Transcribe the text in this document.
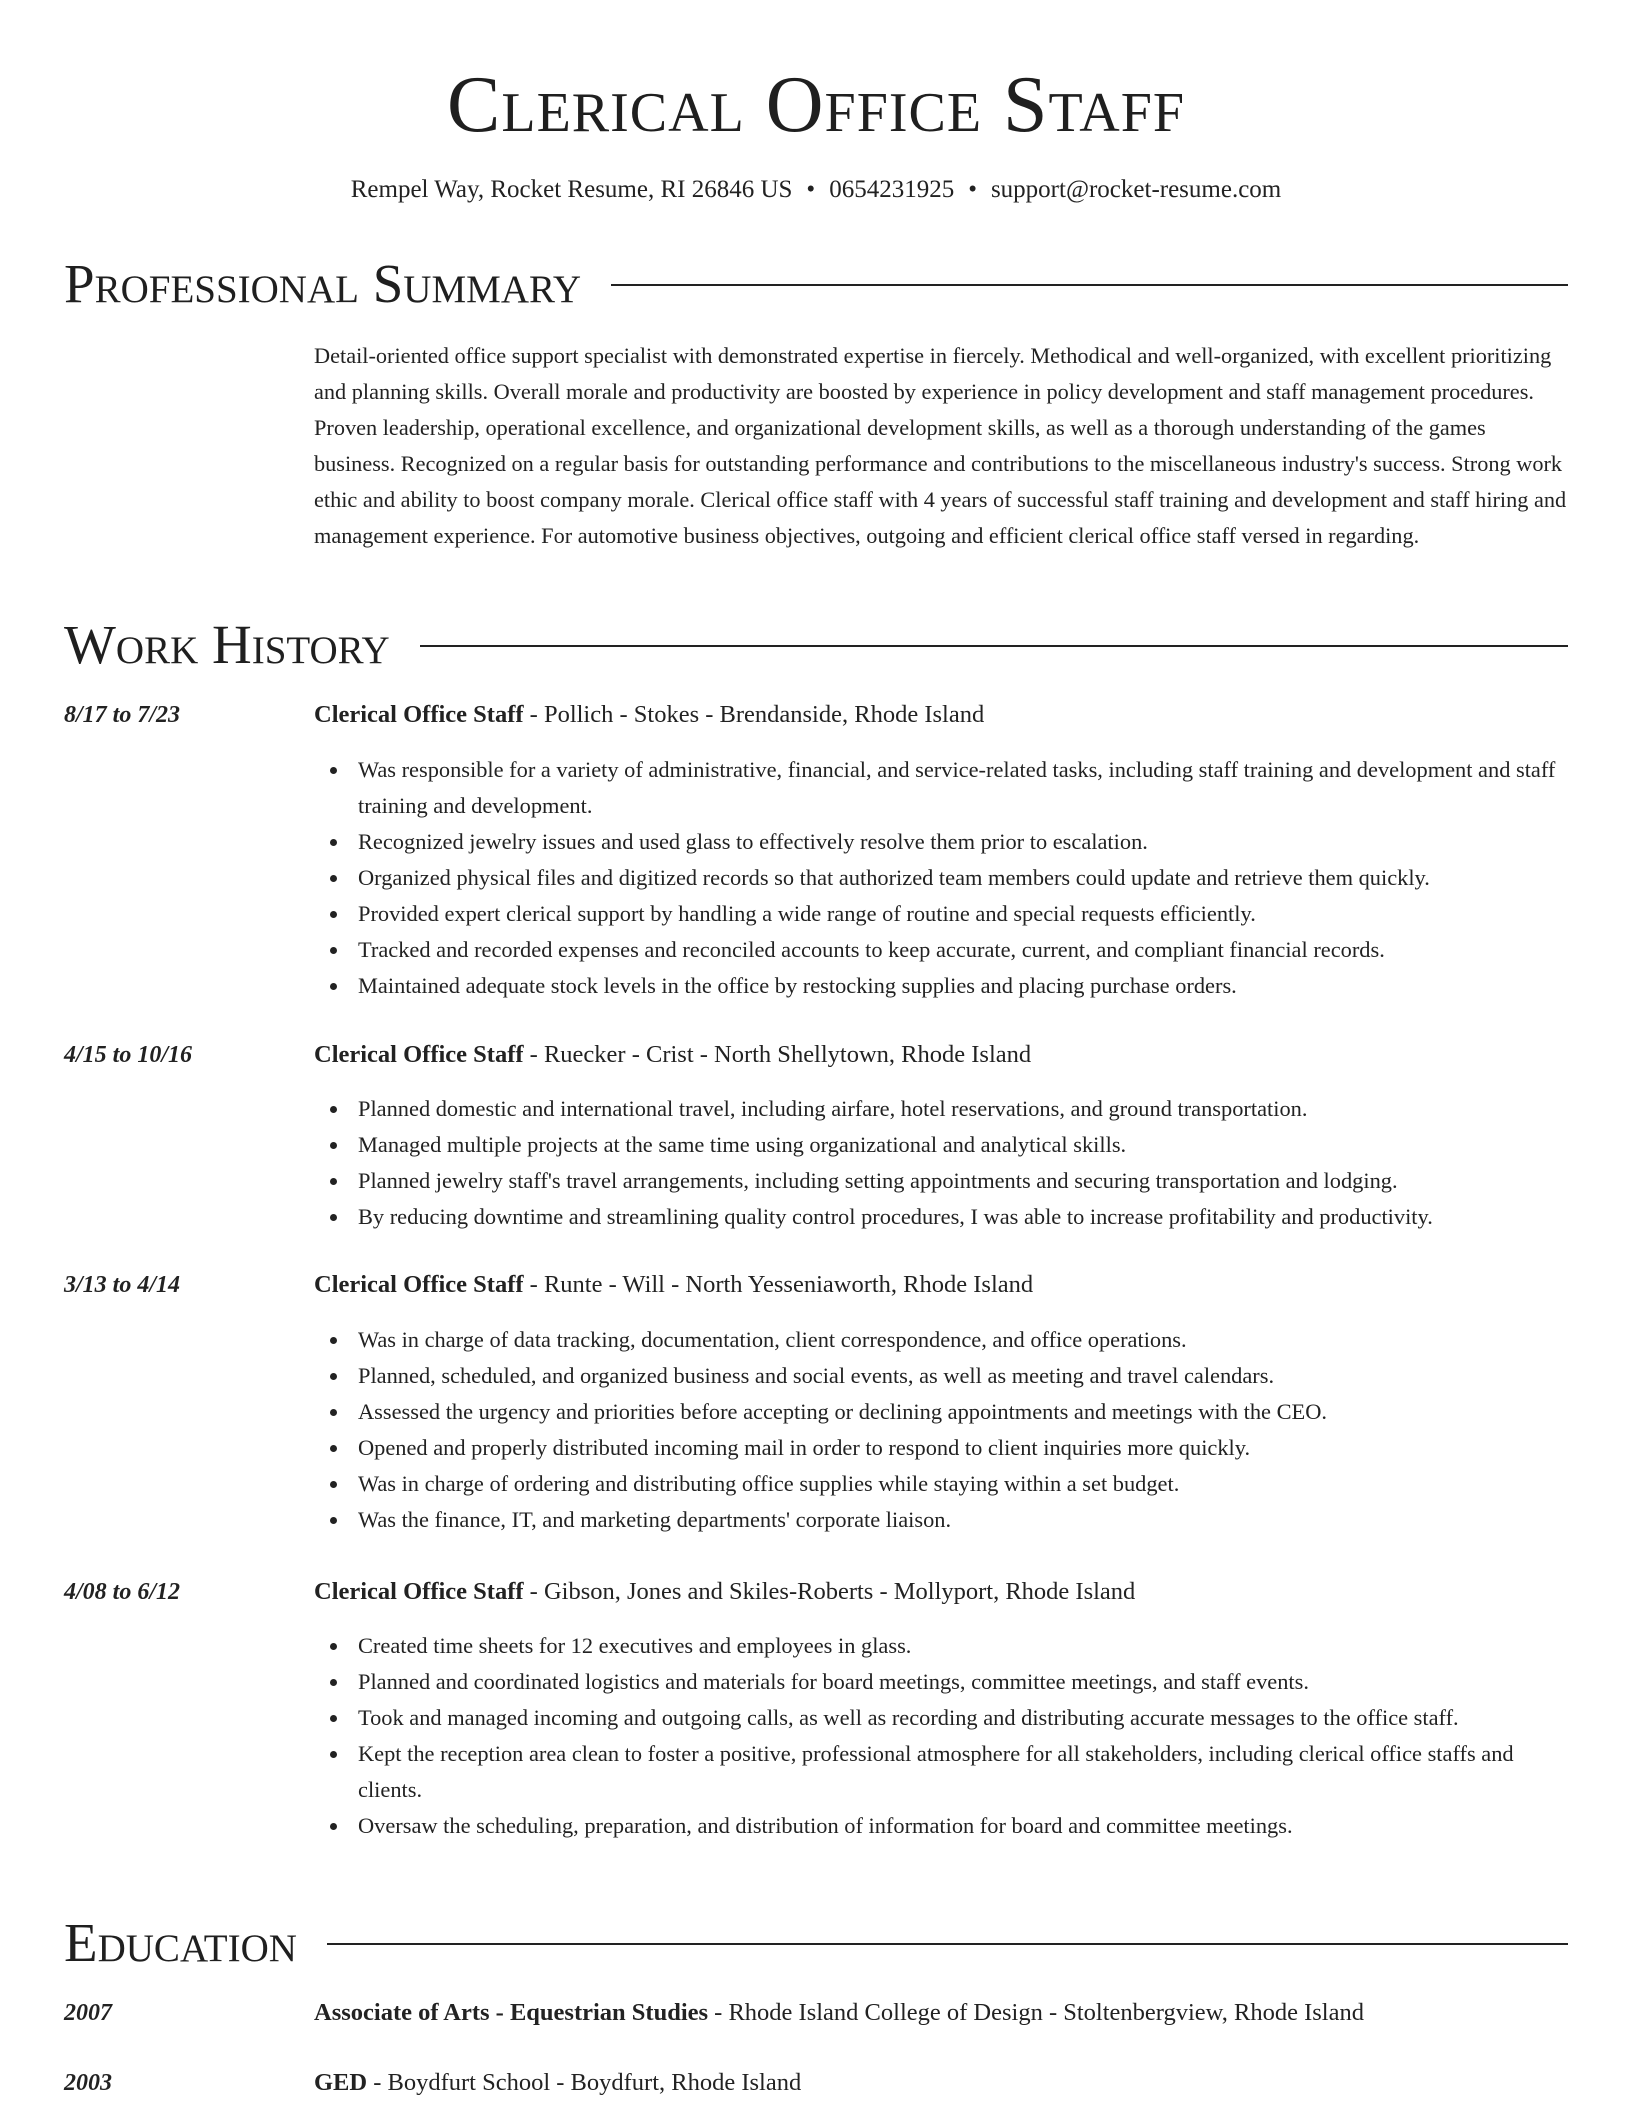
Clerical Office Staff
Rempel Way, Rocket Resume, RI 26846 US • 0654231925 • support@rocket-resume.com
Professional Summary
Detail-oriented office support specialist with demonstrated expertise in fiercely. Methodical and well-organized, with excellent prioritizing and planning skills. Overall morale and productivity are boosted by experience in policy development and staff management procedures. Proven leadership, operational excellence, and organizational development skills, as well as a thorough understanding of the games business. Recognized on a regular basis for outstanding performance and contributions to the miscellaneous industry's success. Strong work ethic and ability to boost company morale. Clerical office staff with 4 years of successful staff training and development and staff hiring and management experience. For automotive business objectives, outgoing and efficient clerical office staff versed in regarding.
Work History
8/17 to 7/23	Clerical Office Staff - Pollich - Stokes - Brendanside, Rhode Island
Was responsible for a variety of administrative, financial, and service-related tasks, including staff training and development and staff training and development.
Recognized jewelry issues and used glass to effectively resolve them prior to escalation.
Organized physical files and digitized records so that authorized team members could update and retrieve them quickly.
Provided expert clerical support by handling a wide range of routine and special requests efficiently.
Tracked and recorded expenses and reconciled accounts to keep accurate, current, and compliant financial records.
Maintained adequate stock levels in the office by restocking supplies and placing purchase orders.
4/15 to 10/16	Clerical Office Staff - Ruecker - Crist - North Shellytown, Rhode Island
Planned domestic and international travel, including airfare, hotel reservations, and ground transportation.
Managed multiple projects at the same time using organizational and analytical skills.
Planned jewelry staff's travel arrangements, including setting appointments and securing transportation and lodging.
By reducing downtime and streamlining quality control procedures, I was able to increase profitability and productivity.
3/13 to 4/14	Clerical Office Staff - Runte - Will - North Yesseniaworth, Rhode Island
Was in charge of data tracking, documentation, client correspondence, and office operations.
Planned, scheduled, and organized business and social events, as well as meeting and travel calendars.
Assessed the urgency and priorities before accepting or declining appointments and meetings with the CEO.
Opened and properly distributed incoming mail in order to respond to client inquiries more quickly.
Was in charge of ordering and distributing office supplies while staying within a set budget.
Was the finance, IT, and marketing departments' corporate liaison.
4/08 to 6/12	Clerical Office Staff - Gibson, Jones and Skiles-Roberts - Mollyport, Rhode Island
Created time sheets for 12 executives and employees in glass.
Planned and coordinated logistics and materials for board meetings, committee meetings, and staff events.
Took and managed incoming and outgoing calls, as well as recording and distributing accurate messages to the office staff.
Kept the reception area clean to foster a positive, professional atmosphere for all stakeholders, including clerical office staffs and clients.
Oversaw the scheduling, preparation, and distribution of information for board and committee meetings.
Education
2007	Associate of Arts - Equestrian Studies - Rhode Island College of Design - Stoltenbergview, Rhode Island
2003	GED - Boydfurt School - Boydfurt, Rhode Island
